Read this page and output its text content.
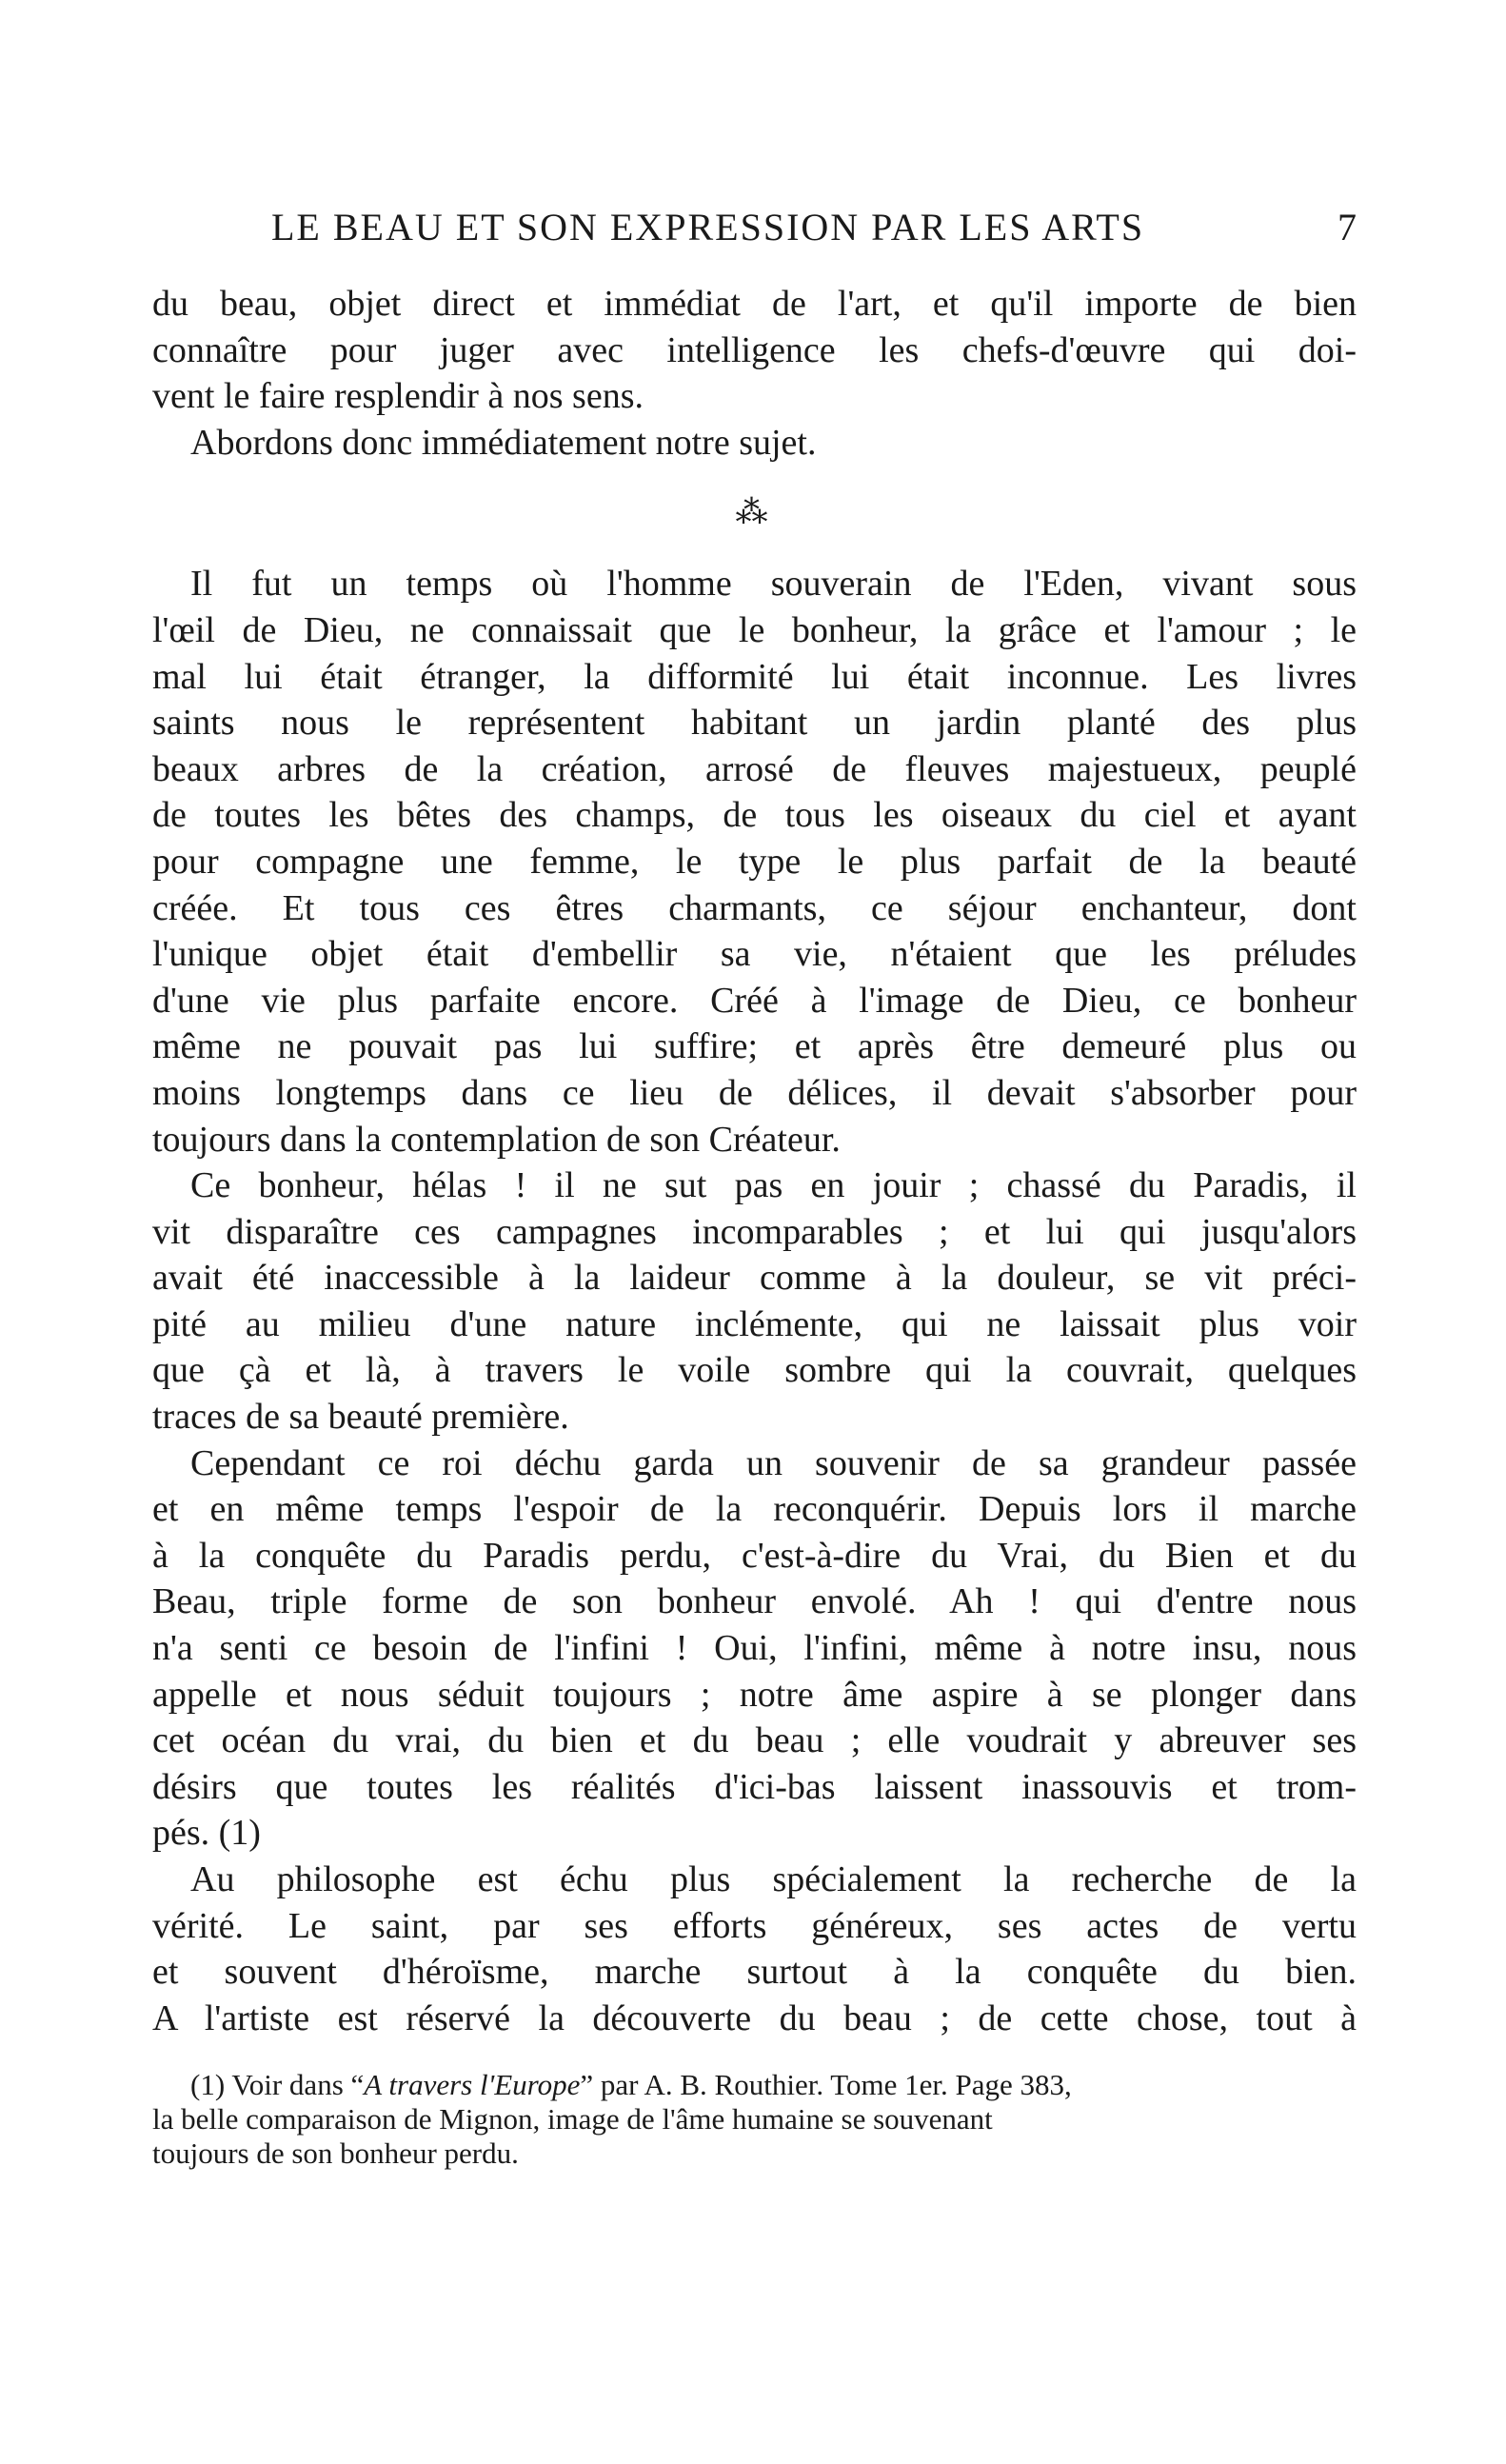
LE BEAU ET SON EXPRESSION PAR LES ARTS	7

du beau, objet direct et immédiat de l'art, et qu'il importe de bien
connaître pour juger avec intelligence les chefs-d'œuvre qui doi-
vent le faire resplendir à nos sens.

Abordons donc immédiatement notre sujet.

⁂

Il fut un temps où l'homme souverain de l'Eden, vivant sous
l'œil de Dieu, ne connaissait que le bonheur, la grâce et l'amour ; le
mal lui était étranger, la difformité lui était inconnue. Les livres
saints nous le représentent habitant un jardin planté des plus
beaux arbres de la création, arrosé de fleuves majestueux, peuplé
de toutes les bêtes des champs, de tous les oiseaux du ciel et ayant
pour compagne une femme, le type le plus parfait de la beauté
créée. Et tous ces êtres charmants, ce séjour enchanteur, dont
l'unique objet était d'embellir sa vie, n'étaient que les préludes
d'une vie plus parfaite encore. Créé à l'image de Dieu, ce bonheur
même ne pouvait pas lui suffire; et après être demeuré plus ou
moins longtemps dans ce lieu de délices, il devait s'absorber pour
toujours dans la contemplation de son Créateur.

Ce bonheur, hélas ! il ne sut pas en jouir ; chassé du Paradis, il
vit disparaître ces campagnes incomparables ; et lui qui jusqu'alors
avait été inaccessible à la laideur comme à la douleur, se vit préci-
pité au milieu d'une nature inclémente, qui ne laissait plus voir
que çà et là, à travers le voile sombre qui la couvrait, quelques
traces de sa beauté première.

Cependant ce roi déchu garda un souvenir de sa grandeur passée
et en même temps l'espoir de la reconquérir. Depuis lors il marche
à la conquête du Paradis perdu, c'est-à-dire du Vrai, du Bien et du
Beau, triple forme de son bonheur envolé. Ah ! qui d'entre nous
n'a senti ce besoin de l'infini ! Oui, l'infini, même à notre insu, nous
appelle et nous séduit toujours ; notre âme aspire à se plonger dans
cet océan du vrai, du bien et du beau ; elle voudrait y abreuver ses
désirs que toutes les réalités d'ici-bas laissent inassouvis et trom-
pés. (1)

Au philosophe est échu plus spécialement la recherche de la
vérité. Le saint, par ses efforts généreux, ses actes de vertu
et souvent d'héroïsme, marche surtout à la conquête du bien.
A l'artiste est réservé la découverte du beau ; de cette chose, tout à

(1) Voir dans “A travers l'Europe” par A. B. Routhier. Tome 1er. Page 383,
la belle comparaison de Mignon, image de l'âme humaine se souvenant
toujours de son bonheur perdu.
